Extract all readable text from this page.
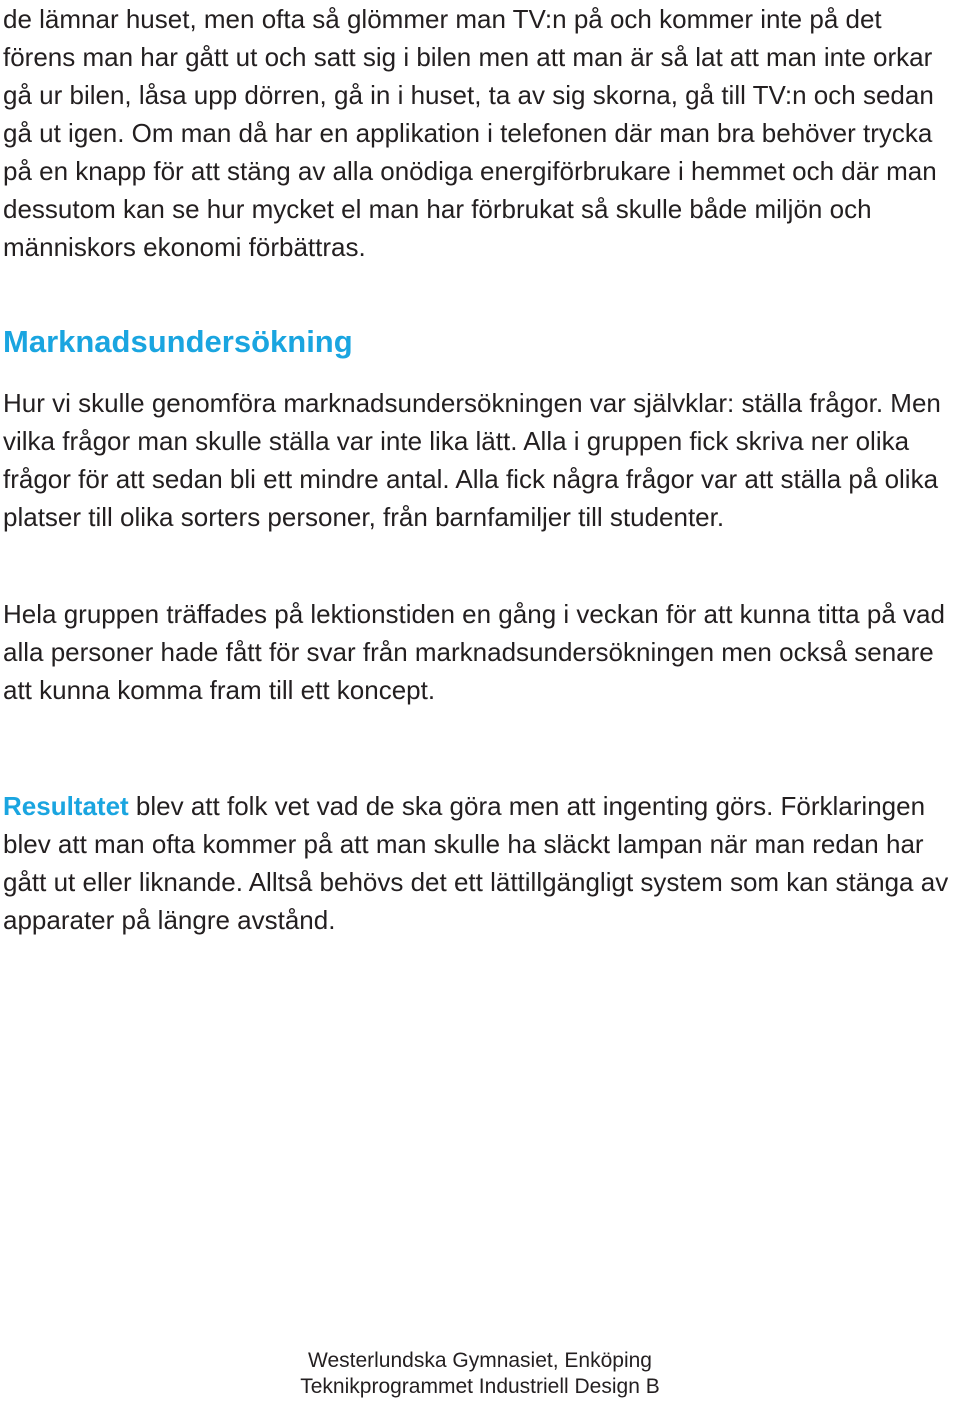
de lämnar huset, men ofta så glömmer man TV:n på och kommer inte på det förens man har gått ut och satt sig i bilen men att man är så lat att man inte orkar gå ur bilen, låsa upp dörren, gå in i huset, ta av sig skorna, gå till TV:n och sedan gå ut igen. Om man då har en applikation i telefonen där man bra behöver trycka på en knapp för att stäng av alla onödiga energiförbrukare i hemmet och där man dessutom kan se hur mycket el man har förbrukat så skulle både miljön och människors ekonomi förbättras.

Marknadsundersökning

Hur vi skulle genomföra marknadsundersökningen var självklar: ställa frågor. Men vilka frågor man skulle ställa var inte lika lätt. Alla i gruppen fick skriva ner olika frågor för att sedan bli ett mindre antal. Alla fick några frågor var att ställa på olika platser till olika sorters personer, från barnfamiljer till studenter.

Hela gruppen träffades på lektionstiden en gång i veckan för att kunna titta på vad alla personer hade fått för svar från marknadsundersökningen men också senare att kunna komma fram till ett koncept.

Resultatet blev att folk vet vad de ska göra men att ingenting görs. Förklaringen blev att man ofta kommer på att man skulle ha släckt lampan när man redan har gått ut eller liknande. Alltså behövs det ett lättillgängligt system som kan stänga av apparater på längre avstånd.

Westerlundska Gymnasiet, Enköping
Teknikprogrammet Industriell Design B
